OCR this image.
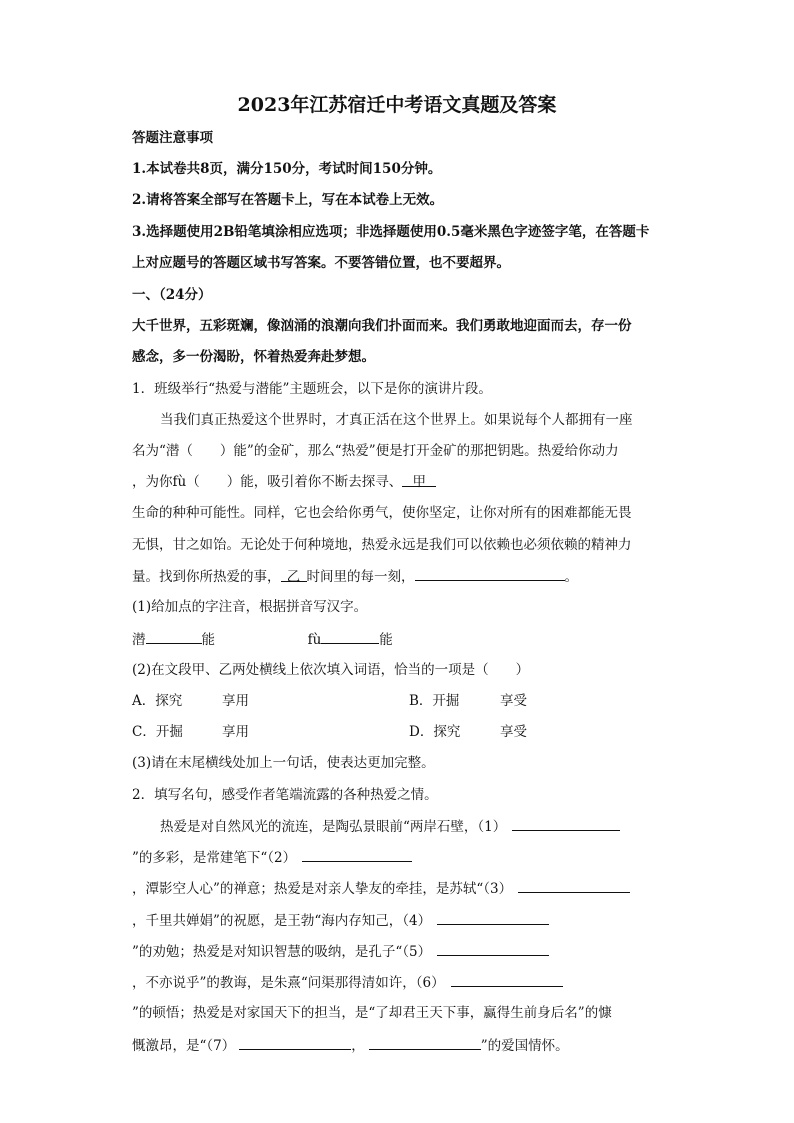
2023年江苏宿迁中考语文真题及答案
答题注意事项
1.本试卷共8页，满分150分，考试时间150分钟。
2.请将答案全部写在答题卡上，写在本试卷上无效。
3.选择题使用2B铅笔填涂相应选项；非选择题使用0.5毫米黑色字迹签字笔，在答题卡
上对应题号的答题区域书写答案。不要答错位置，也不要超界。
一、（24分）
大千世界，五彩斑斓，像汹涌的浪潮向我们扑面而来。我们勇敢地迎面而去，存一份
感念，多一份渴盼，怀着热爱奔赴梦想。
1．班级举行“热爱与潜能”主题班会，以下是你的演讲片段。
当我们真正热爱这个世界时，才真正活在这个世界上。如果说每个人都拥有一座
名为“潜（　　）能”的金矿，那么“热爱”便是打开金矿的那把钥匙。热爱给你动力
，为你fù（　　）能，吸引着你不断去探寻、 甲
生命的种种可能性。同样，它也会给你勇气，使你坚定，让你对所有的困难都能无畏
无惧，甘之如饴。无论处于何种境地，热爱永远是我们可以依赖也必须依赖的精神力
量。找到你所热爱的事， 乙 时间里的每一刻，	。
(1)给加点的字注音，根据拼音写汉字。
潜	能	fù	能
(2)在文段甲、乙两处横线上依次填入词语，恰当的一项是（　　）
A．探究	享用	B．开掘	享受
C．开掘	享用	D．探究	享受
(3)请在末尾横线处加上一句话，使表达更加完整。
2．填写名句，感受作者笔端流露的各种热爱之情。
热爱是对自然风光的流连，是陶弘景眼前“两岸石壁，（1）
”的多彩，是常建笔下“（2）
，潭影空人心”的禅意；热爱是对亲人挚友的牵挂，是苏轼“（3）
，千里共婵娟”的祝愿，是王勃“海内存知己，（4）
”的劝勉；热爱是对知识智慧的吸纳，是孔子“（5）
，不亦说乎”的教诲，是朱熹“问渠那得清如许，（6）
”的顿悟；热爱是对家国天下的担当，是“了却君王天下事，赢得生前身后名”的慷
慨激昂，是“（7）	，	”的爱国情怀。
